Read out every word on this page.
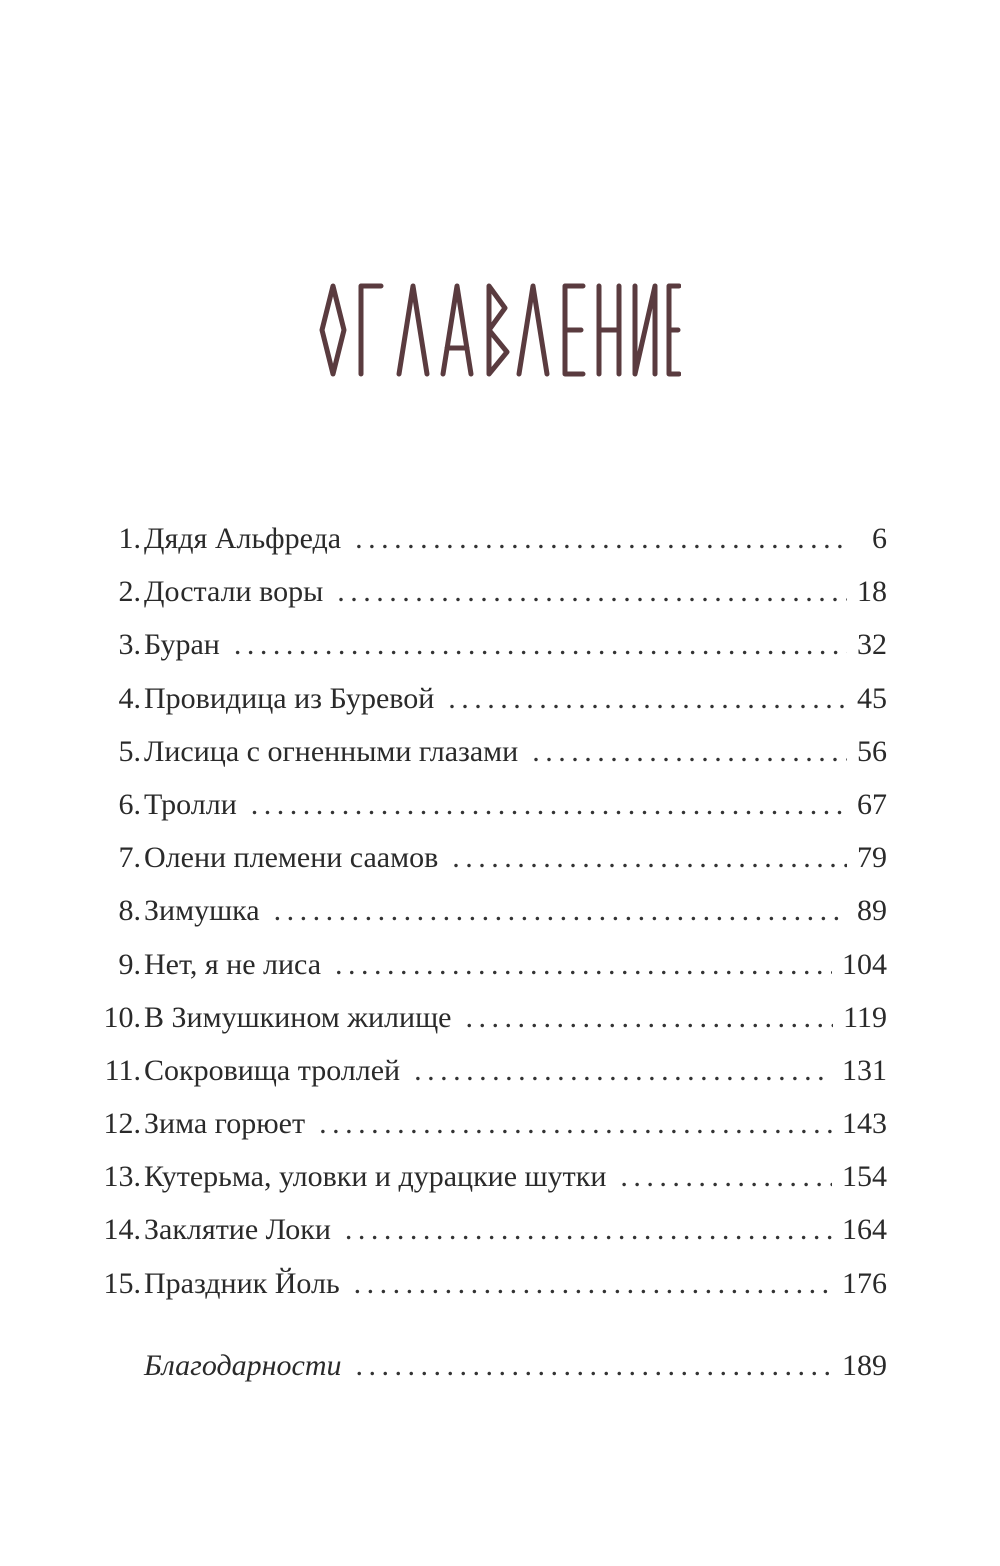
1. Дядя Альфреда . . .	6
2. Достали воры . . .	18
3. Буран . . .	32
4. Провидица из Буревой . . .	45
5. Лисица с огненными глазами . . .	56
6. Тролли . . .	67
7. Олени племени саамов . . .	79
8. Зимушка . . .	89
9. Нет, я не лиса . . .	104
10. В Зимушкином жилище . . .	119
11. Сокровища троллей . . .	131
12. Зима горюет . . .	143
13. Кутерьма, уловки и дурацкие шутки . . .	154
14. Заклятие Локи . . .	164
15. Праздник Йоль . . .	176
Благодарности . . .	189
